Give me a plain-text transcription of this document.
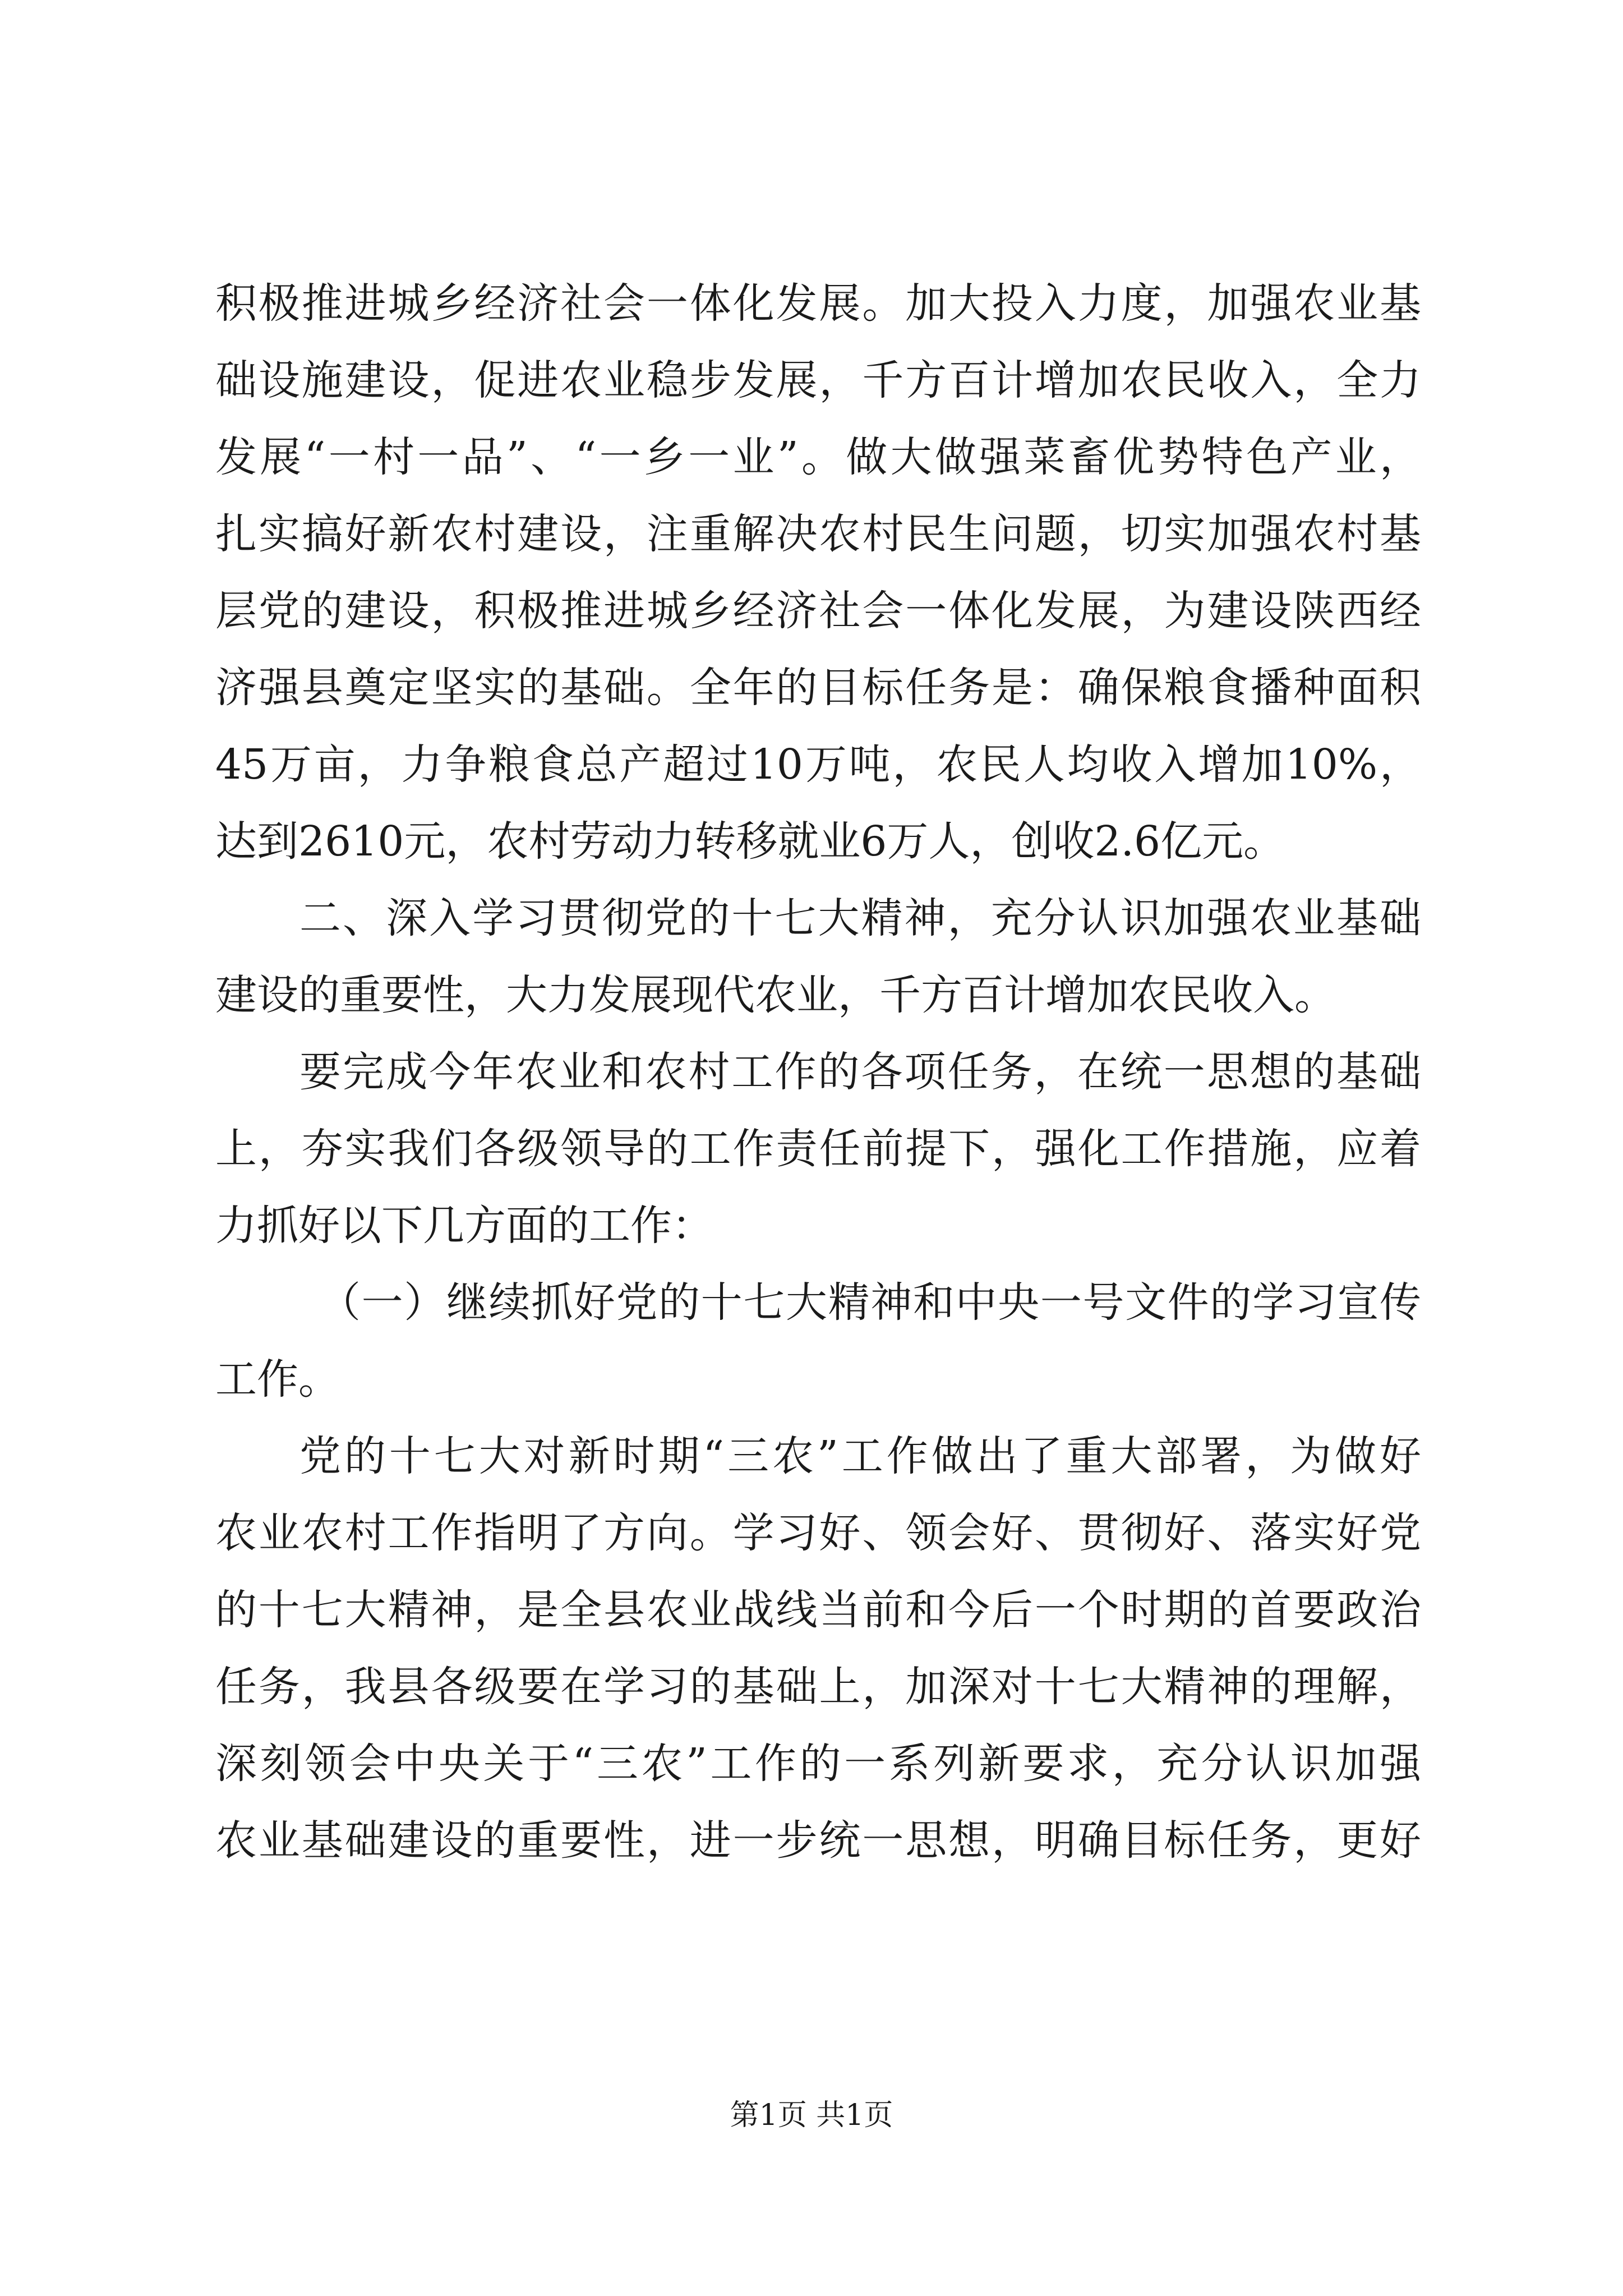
积极推进城乡经济社会一体化发展。加大投入力度，加强农业基
础设施建设，促进农业稳步发展，千方百计增加农民收入，全力
发展“一村一品”、“一乡一业”。做大做强菜畜优势特色产业，
扎实搞好新农村建设，注重解决农村民生问题，切实加强农村基
层党的建设，积极推进城乡经济社会一体化发展，为建设陕西经
济强县奠定坚实的基础。全年的目标任务是：确保粮食播种面积
45万亩，力争粮食总产超过10万吨，农民人均收入增加10%，
达到2610元，农村劳动力转移就业6万人，创收2.6亿元。
二、深入学习贯彻党的十七大精神，充分认识加强农业基础
建设的重要性，大力发展现代农业，千方百计增加农民收入。
要完成今年农业和农村工作的各项任务，在统一思想的基础
上，夯实我们各级领导的工作责任前提下，强化工作措施，应着
力抓好以下几方面的工作：
（一）继续抓好党的十七大精神和中央一号文件的学习宣传
工作。
党的十七大对新时期“三农”工作做出了重大部署，为做好
农业农村工作指明了方向。学习好、领会好、贯彻好、落实好党
的十七大精神，是全县农业战线当前和今后一个时期的首要政治
任务，我县各级要在学习的基础上，加深对十七大精神的理解，
深刻领会中央关于“三农”工作的一系列新要求，充分认识加强
农业基础建设的重要性，进一步统一思想，明确目标任务，更好
第1页 共1页
